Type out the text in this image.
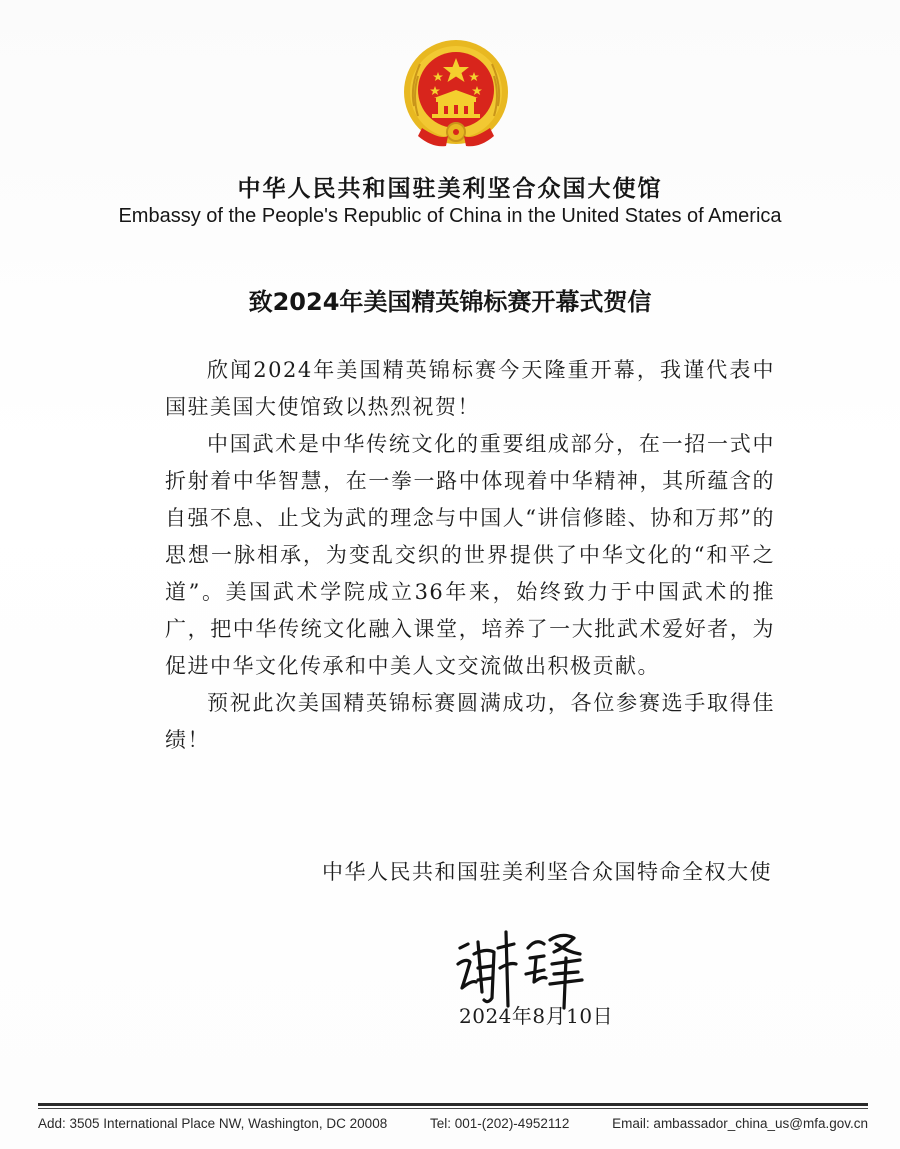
中华人民共和国驻美利坚合众国大使馆
Embassy of the People's Republic of China in the United States of America
致2024年美国精英锦标赛开幕式贺信

欣闻2024年美国精英锦标赛今天隆重开幕，我谨代表中国驻美国大使馆致以热烈祝贺！

中国武术是中华传统文化的重要组成部分，在一招一式中折射着中华智慧，在一拳一路中体现着中华精神，其所蕴含的自强不息、止戈为武的理念与中国人“讲信修睦、协和万邦”的思想一脉相承，为变乱交织的世界提供了中华文化的“和平之道”。美国武术学院成立36年来，始终致力于中国武术的推广，把中华传统文化融入课堂，培养了一大批武术爱好者，为促进中华文化传承和中美人文交流做出积极贡献。

预祝此次美国精英锦标赛圆满成功，各位参赛选手取得佳绩！

中华人民共和国驻美利坚合众国特命全权大使
2024年8月10日
Add: 3505 International Place NW, Washington, DC 20008	Tel: 001-(202)-4952112	Email: ambassador_china_us@mfa.gov.cn
